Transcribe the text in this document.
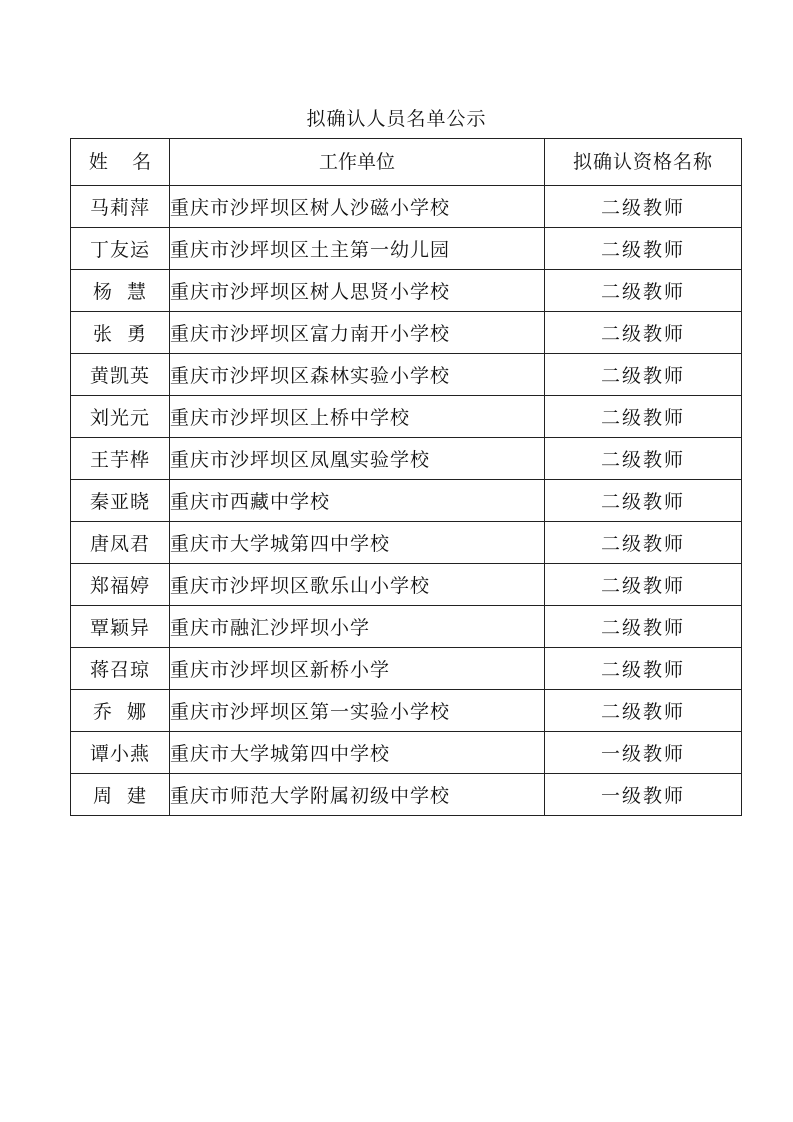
拟确认人员名单公示
姓    名	工作单位	拟确认资格名称
马莉萍	重庆市沙坪坝区树人沙磁小学校	二级教师
丁友运	重庆市沙坪坝区土主第一幼儿园	二级教师
杨  慧	重庆市沙坪坝区树人思贤小学校	二级教师
张  勇	重庆市沙坪坝区富力南开小学校	二级教师
黄凯英	重庆市沙坪坝区森林实验小学校	二级教师
刘光元	重庆市沙坪坝区上桥中学校	二级教师
王芋桦	重庆市沙坪坝区凤凰实验学校	二级教师
秦亚晓	重庆市西藏中学校	二级教师
唐凤君	重庆市大学城第四中学校	二级教师
郑福婷	重庆市沙坪坝区歌乐山小学校	二级教师
覃颖异	重庆市融汇沙坪坝小学	二级教师
蒋召琼	重庆市沙坪坝区新桥小学	二级教师
乔  娜	重庆市沙坪坝区第一实验小学校	二级教师
谭小燕	重庆市大学城第四中学校	一级教师
周  建	重庆市师范大学附属初级中学校	一级教师
